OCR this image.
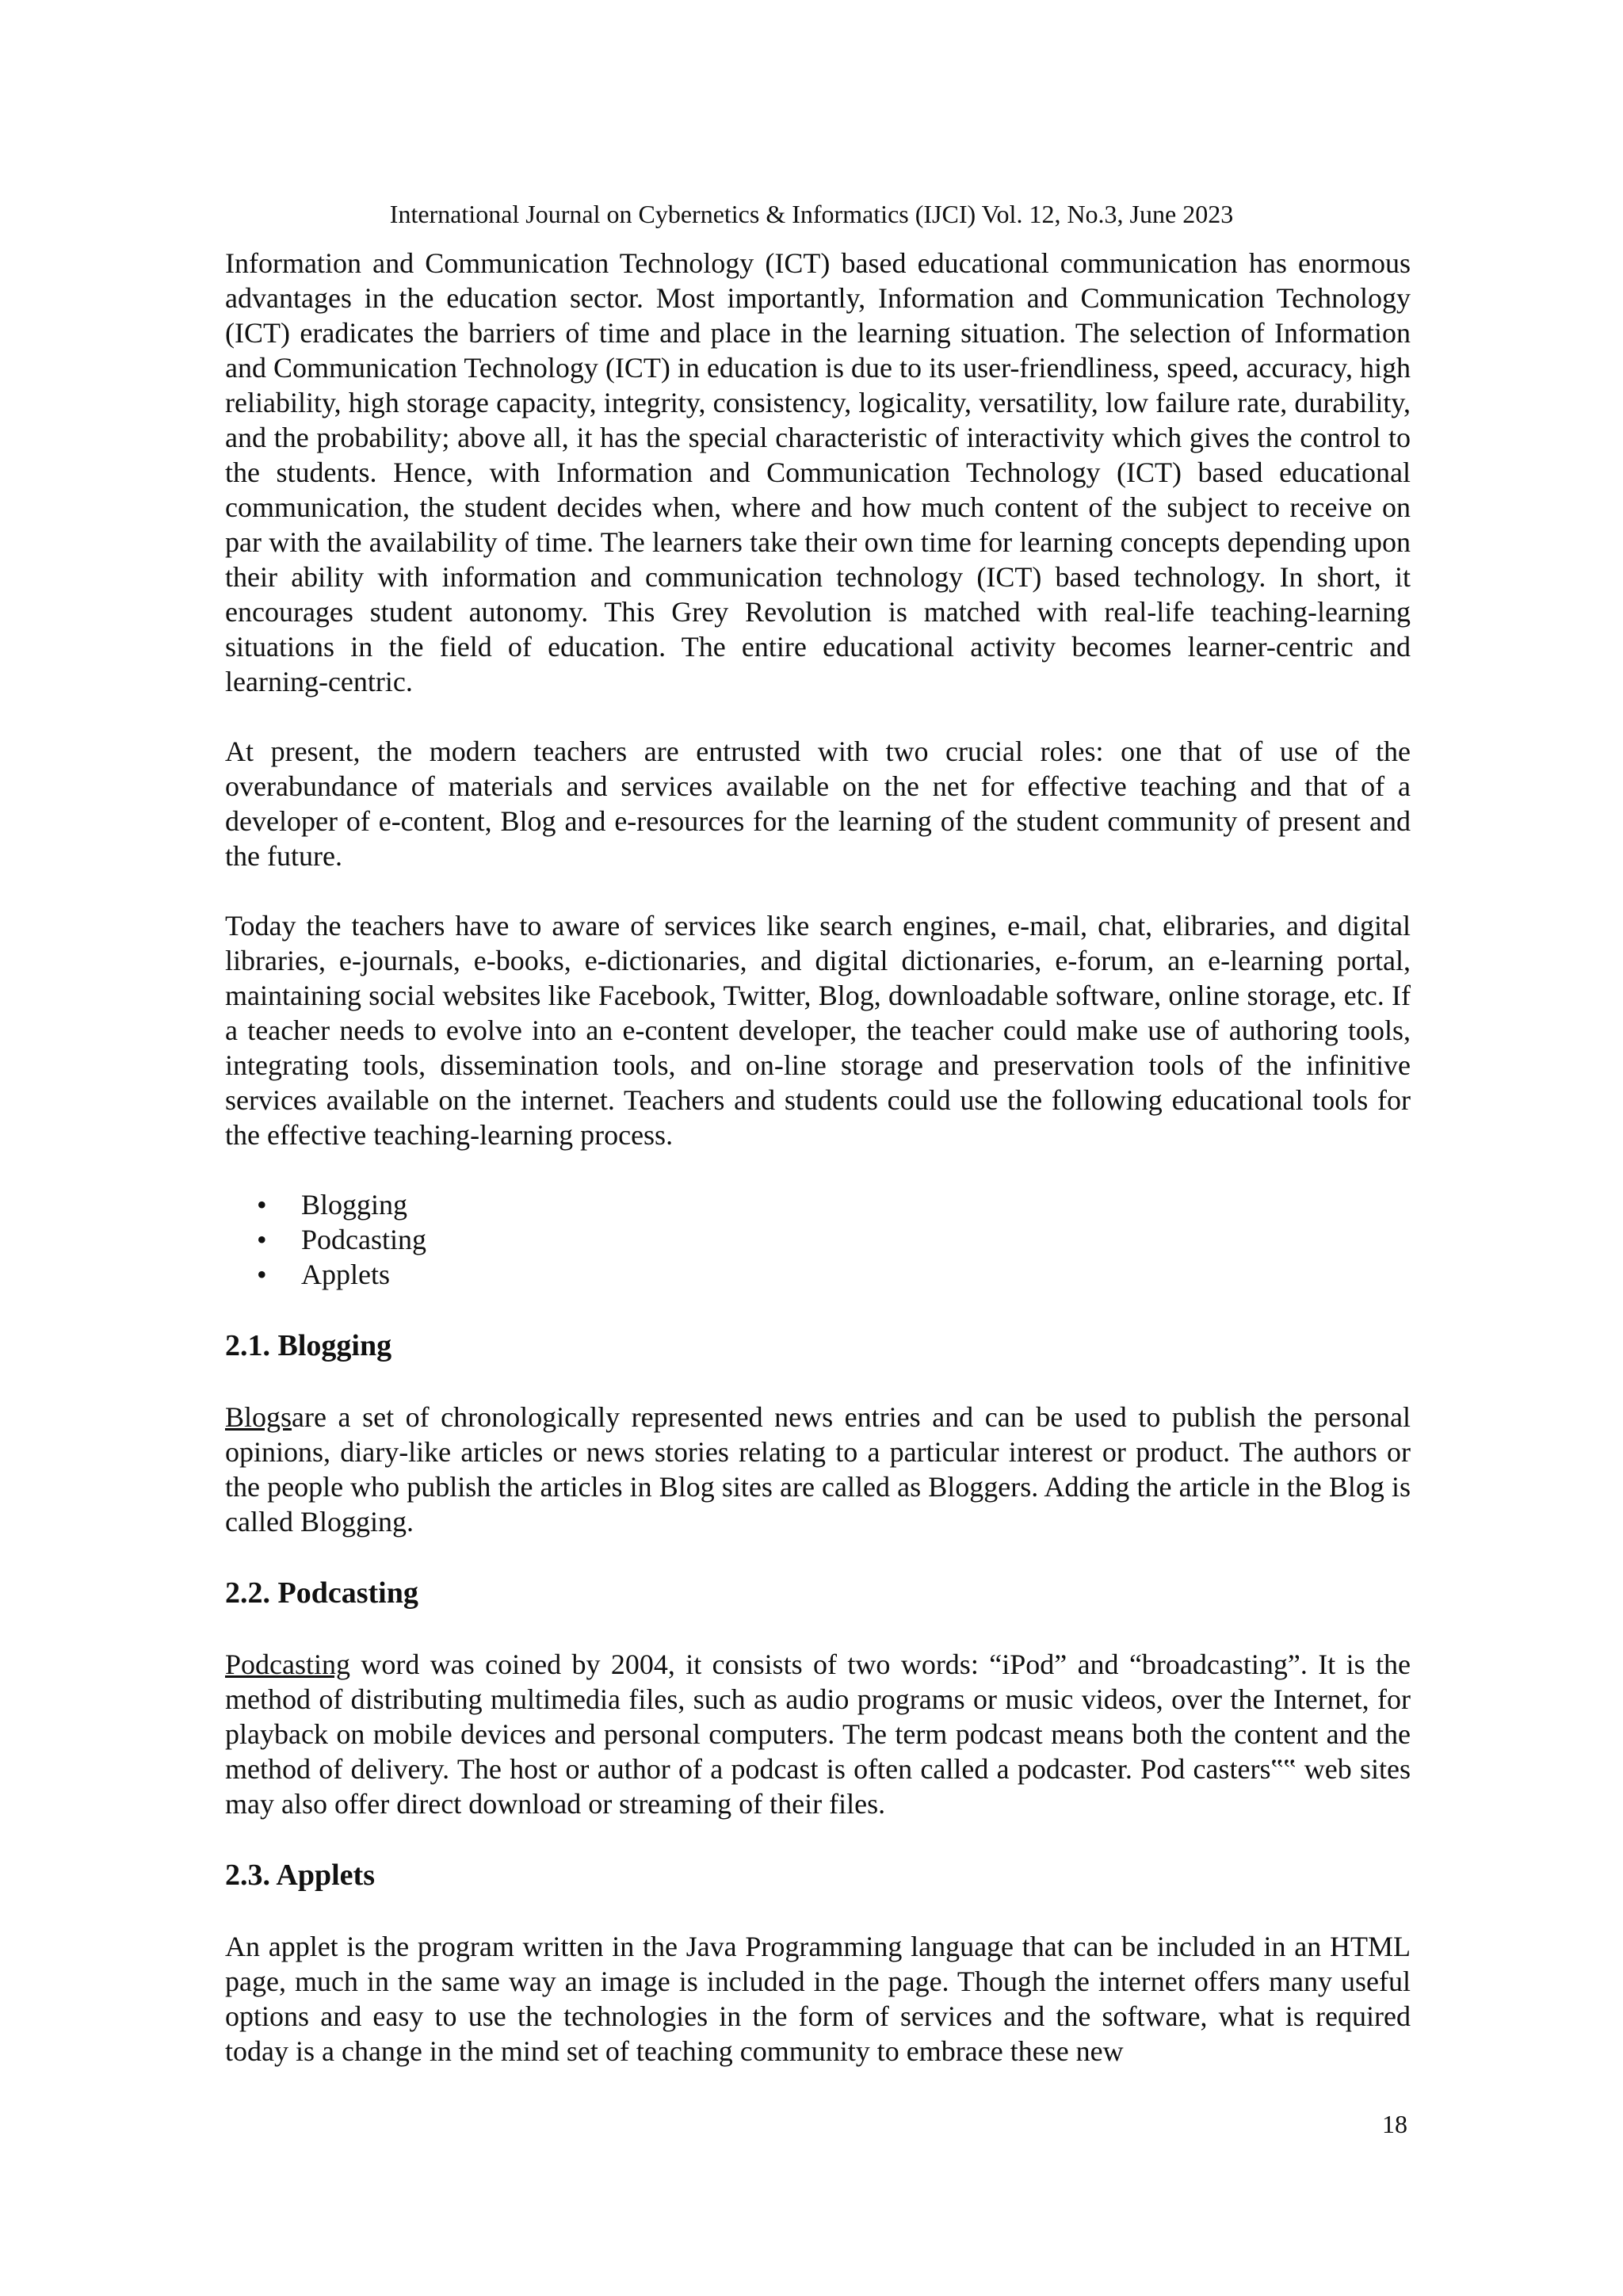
International Journal on Cybernetics & Informatics (IJCI) Vol. 12, No.3, June 2023

Information and Communication Technology (ICT) based educational communication has enormous advantages in the education sector. Most importantly, Information and Communication Technology (ICT) eradicates the barriers of time and place in the learning situation. The selection of Information and Communication Technology (ICT) in education is due to its user-friendliness, speed, accuracy, high reliability, high storage capacity, integrity, consistency, logicality, versatility, low failure rate, durability, and the probability; above all, it has the special characteristic of interactivity which gives the control to the students. Hence, with Information and Communication Technology (ICT) based educational communication, the student decides when, where and how much content of the subject to receive on par with the availability of time. The learners take their own time for learning concepts depending upon their ability with information and communication technology (ICT) based technology. In short, it encourages student autonomy. This Grey Revolution is matched with real-life teaching-learning situations in the field of education. The entire educational activity becomes learner-centric and learning-centric.

At present, the modern teachers are entrusted with two crucial roles: one that of use of the overabundance of materials and services available on the net for effective teaching and that of a developer of e-content, Blog and e-resources for the learning of the student community of present and the future.

Today the teachers have to aware of services like search engines, e-mail, chat, elibraries, and digital libraries, e-journals, e-books, e-dictionaries, and digital dictionaries, e-forum, an e-learning portal, maintaining social websites like Facebook, Twitter, Blog, downloadable software, online storage, etc. If a teacher needs to evolve into an e-content developer, the teacher could make use of authoring tools, integrating tools, dissemination tools, and on-line storage and preservation tools of the infinitive services available on the internet. Teachers and students could use the following educational tools for the effective teaching-learning process.

• Blogging
• Podcasting
• Applets
2.1. Blogging

Blogsare a set of chronologically represented news entries and can be used to publish the personal opinions, diary-like articles or news stories relating to a particular interest or product. The authors or the people who publish the articles in Blog sites are called as Bloggers. Adding the article in the Blog is called Blogging.

2.2. Podcasting

Podcasting word was coined by 2004, it consists of two words: “iPod” and “broadcasting”. It is the method of distributing multimedia files, such as audio programs or music videos, over the Internet, for playback on mobile devices and personal computers. The term podcast means both the content and the method of delivery. The host or author of a podcast is often called a podcaster. Pod casters‟‟ web sites may also offer direct download or streaming of their files.

2.3. Applets

An applet is the program written in the Java Programming language that can be included in an HTML page, much in the same way an image is included in the page. Though the internet offers many useful options and easy to use the technologies in the form of services and the software, what is required today is a change in the mind set of teaching community to embrace these new

18
